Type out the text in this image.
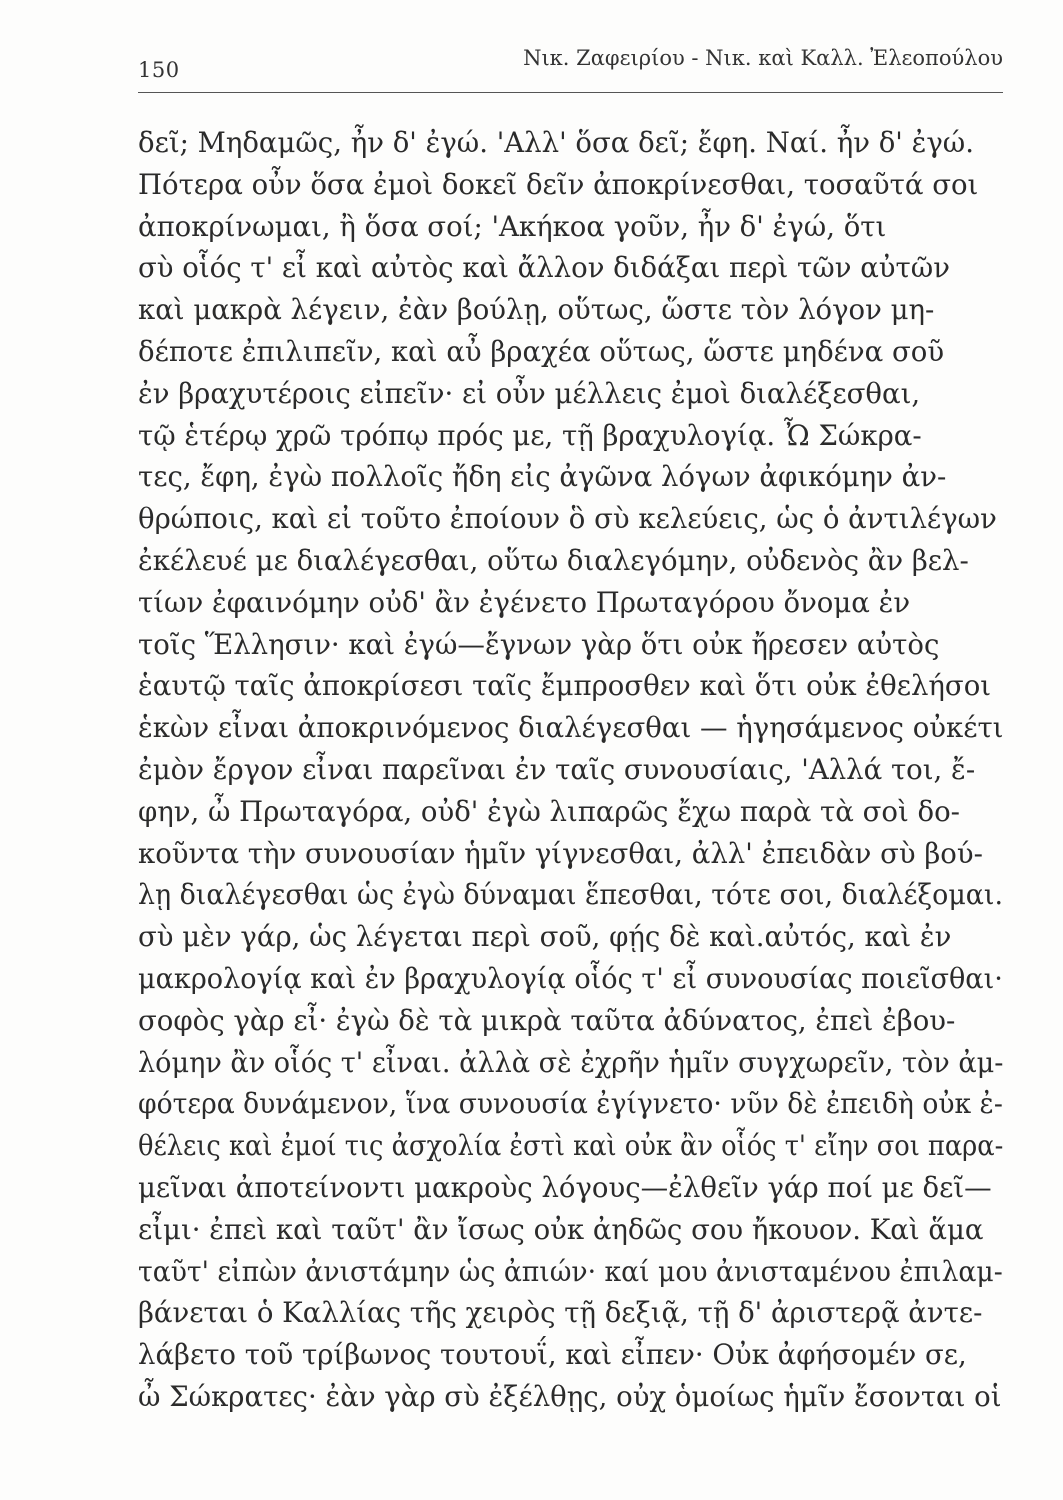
150	Νικ. Ζαφειρίου - Νικ. καὶ Καλλ. Ἐλεοπούλου
δεῖ; Μηδαμῶς, ἦν δ' ἐγώ. 'Αλλ' ὅσα δεῖ; ἔφη. Ναί. ἦν δ' ἐγώ.
Πότερα οὖν ὅσα ἐμοὶ δοκεῖ δεῖν ἀποκρίνεσθαι, τοσαῦτά σοι
ἀποκρίνωμαι, ἢ ὅσα σοί; 'Ακήκοα γοῦν, ἦν δ' ἐγώ, ὅτι
σὺ οἷός τ' εἶ καὶ αὐτὸς καὶ ἄλλον διδάξαι περὶ τῶν αὐτῶν
καὶ μακρὰ λέγειν, ἐὰν βούλῃ, οὕτως, ὥστε τὸν λόγον μη-
δέποτε ἐπιλιπεῖν, καὶ αὖ βραχέα οὕτως, ὥστε μηδένα σοῦ
ἐν βραχυτέροις εἰπεῖν· εἰ οὖν μέλλεις ἐμοὶ διαλέξεσθαι,
τῷ ἑτέρῳ χρῶ τρόπῳ πρός με, τῇ βραχυλογίᾳ. Ὦ Σώκρα-
τες, ἔφη, ἐγὼ πολλοῖς ἤδη εἰς ἀγῶνα λόγων ἀφικόμην ἀν-
θρώποις, καὶ εἰ τοῦτο ἐποίουν ὃ σὺ κελεύεις, ὡς ὁ ἀντιλέγων
ἐκέλευέ με διαλέγεσθαι, οὕτω διαλεγόμην, οὐδενὸς ἂν βελ-
τίων ἐφαινόμην οὐδ' ἂν ἐγένετο Πρωταγόρου ὄνομα ἐν
τοῖς Ἕλλησιν· καὶ ἐγώ—ἔγνων γὰρ ὅτι οὐκ ἤρεσεν αὐτὸς
ἑαυτῷ ταῖς ἀποκρίσεσι ταῖς ἔμπροσθεν καὶ ὅτι οὐκ ἐθελήσοι
ἑκὼν εἶναι ἀποκρινόμενος διαλέγεσθαι — ἡγησάμενος οὐκέτι
ἐμὸν ἔργον εἶναι παρεῖναι ἐν ταῖς συνουσίαις, 'Αλλά τοι, ἔ-
φην, ὦ Πρωταγόρα, οὐδ' ἐγὼ λιπαρῶς ἔχω παρὰ τὰ σοὶ δο-
κοῦντα τὴν συνουσίαν ἡμῖν γίγνεσθαι, ἀλλ' ἐπειδὰν σὺ βού-
λῃ διαλέγεσθαι ὡς ἐγὼ δύναμαι ἕπεσθαι, τότε σοι, διαλέξομαι.
σὺ μὲν γάρ, ὡς λέγεται περὶ σοῦ, φῄς δὲ καὶ.αὐτός, καὶ ἐν
μακρολογίᾳ καὶ ἐν βραχυλογίᾳ οἷός τ' εἶ συνουσίας ποιεῖσθαι·
σοφὸς γὰρ εἶ· ἐγὼ δὲ τὰ μικρὰ ταῦτα ἀδύνατος, ἐπεὶ ἐβου-
λόμην ἂν οἷός τ' εἶναι. ἀλλὰ σὲ ἐχρῆν ἡμῖν συγχωρεῖν, τὸν ἀμ-
φότερα δυνάμενον, ἵνα συνουσία ἐγίγνετο· νῦν δὲ ἐπειδὴ οὐκ ἐ-
θέλεις καὶ ἐμοί τις ἀσχολία ἐστὶ καὶ οὐκ ἂν οἷός τ' εἴην σοι παρα-
μεῖναι ἀποτείνοντι μακροὺς λόγους—ἐλθεῖν γάρ ποί με δεῖ—
εἶμι· ἐπεὶ καὶ ταῦτ' ἂν ἴσως οὐκ ἀηδῶς σου ἤκουον. Καὶ ἅμα
ταῦτ' εἰπὼν ἀνιστάμην ὡς ἀπιών· καί μου ἀνισταμένου ἐπιλαμ-
βάνεται ὁ Καλλίας τῆς χειρὸς τῇ δεξιᾷ, τῇ δ' ἀριστερᾷ ἀντε-
λάβετο τοῦ τρίβωνος τουτουΐ, καὶ εἶπεν· Οὐκ ἀφήσομέν σε,
ὦ Σώκρατες· ἐὰν γὰρ σὺ ἐξέλθῃς, οὐχ ὁμοίως ἡμῖν ἔσονται οἱ
